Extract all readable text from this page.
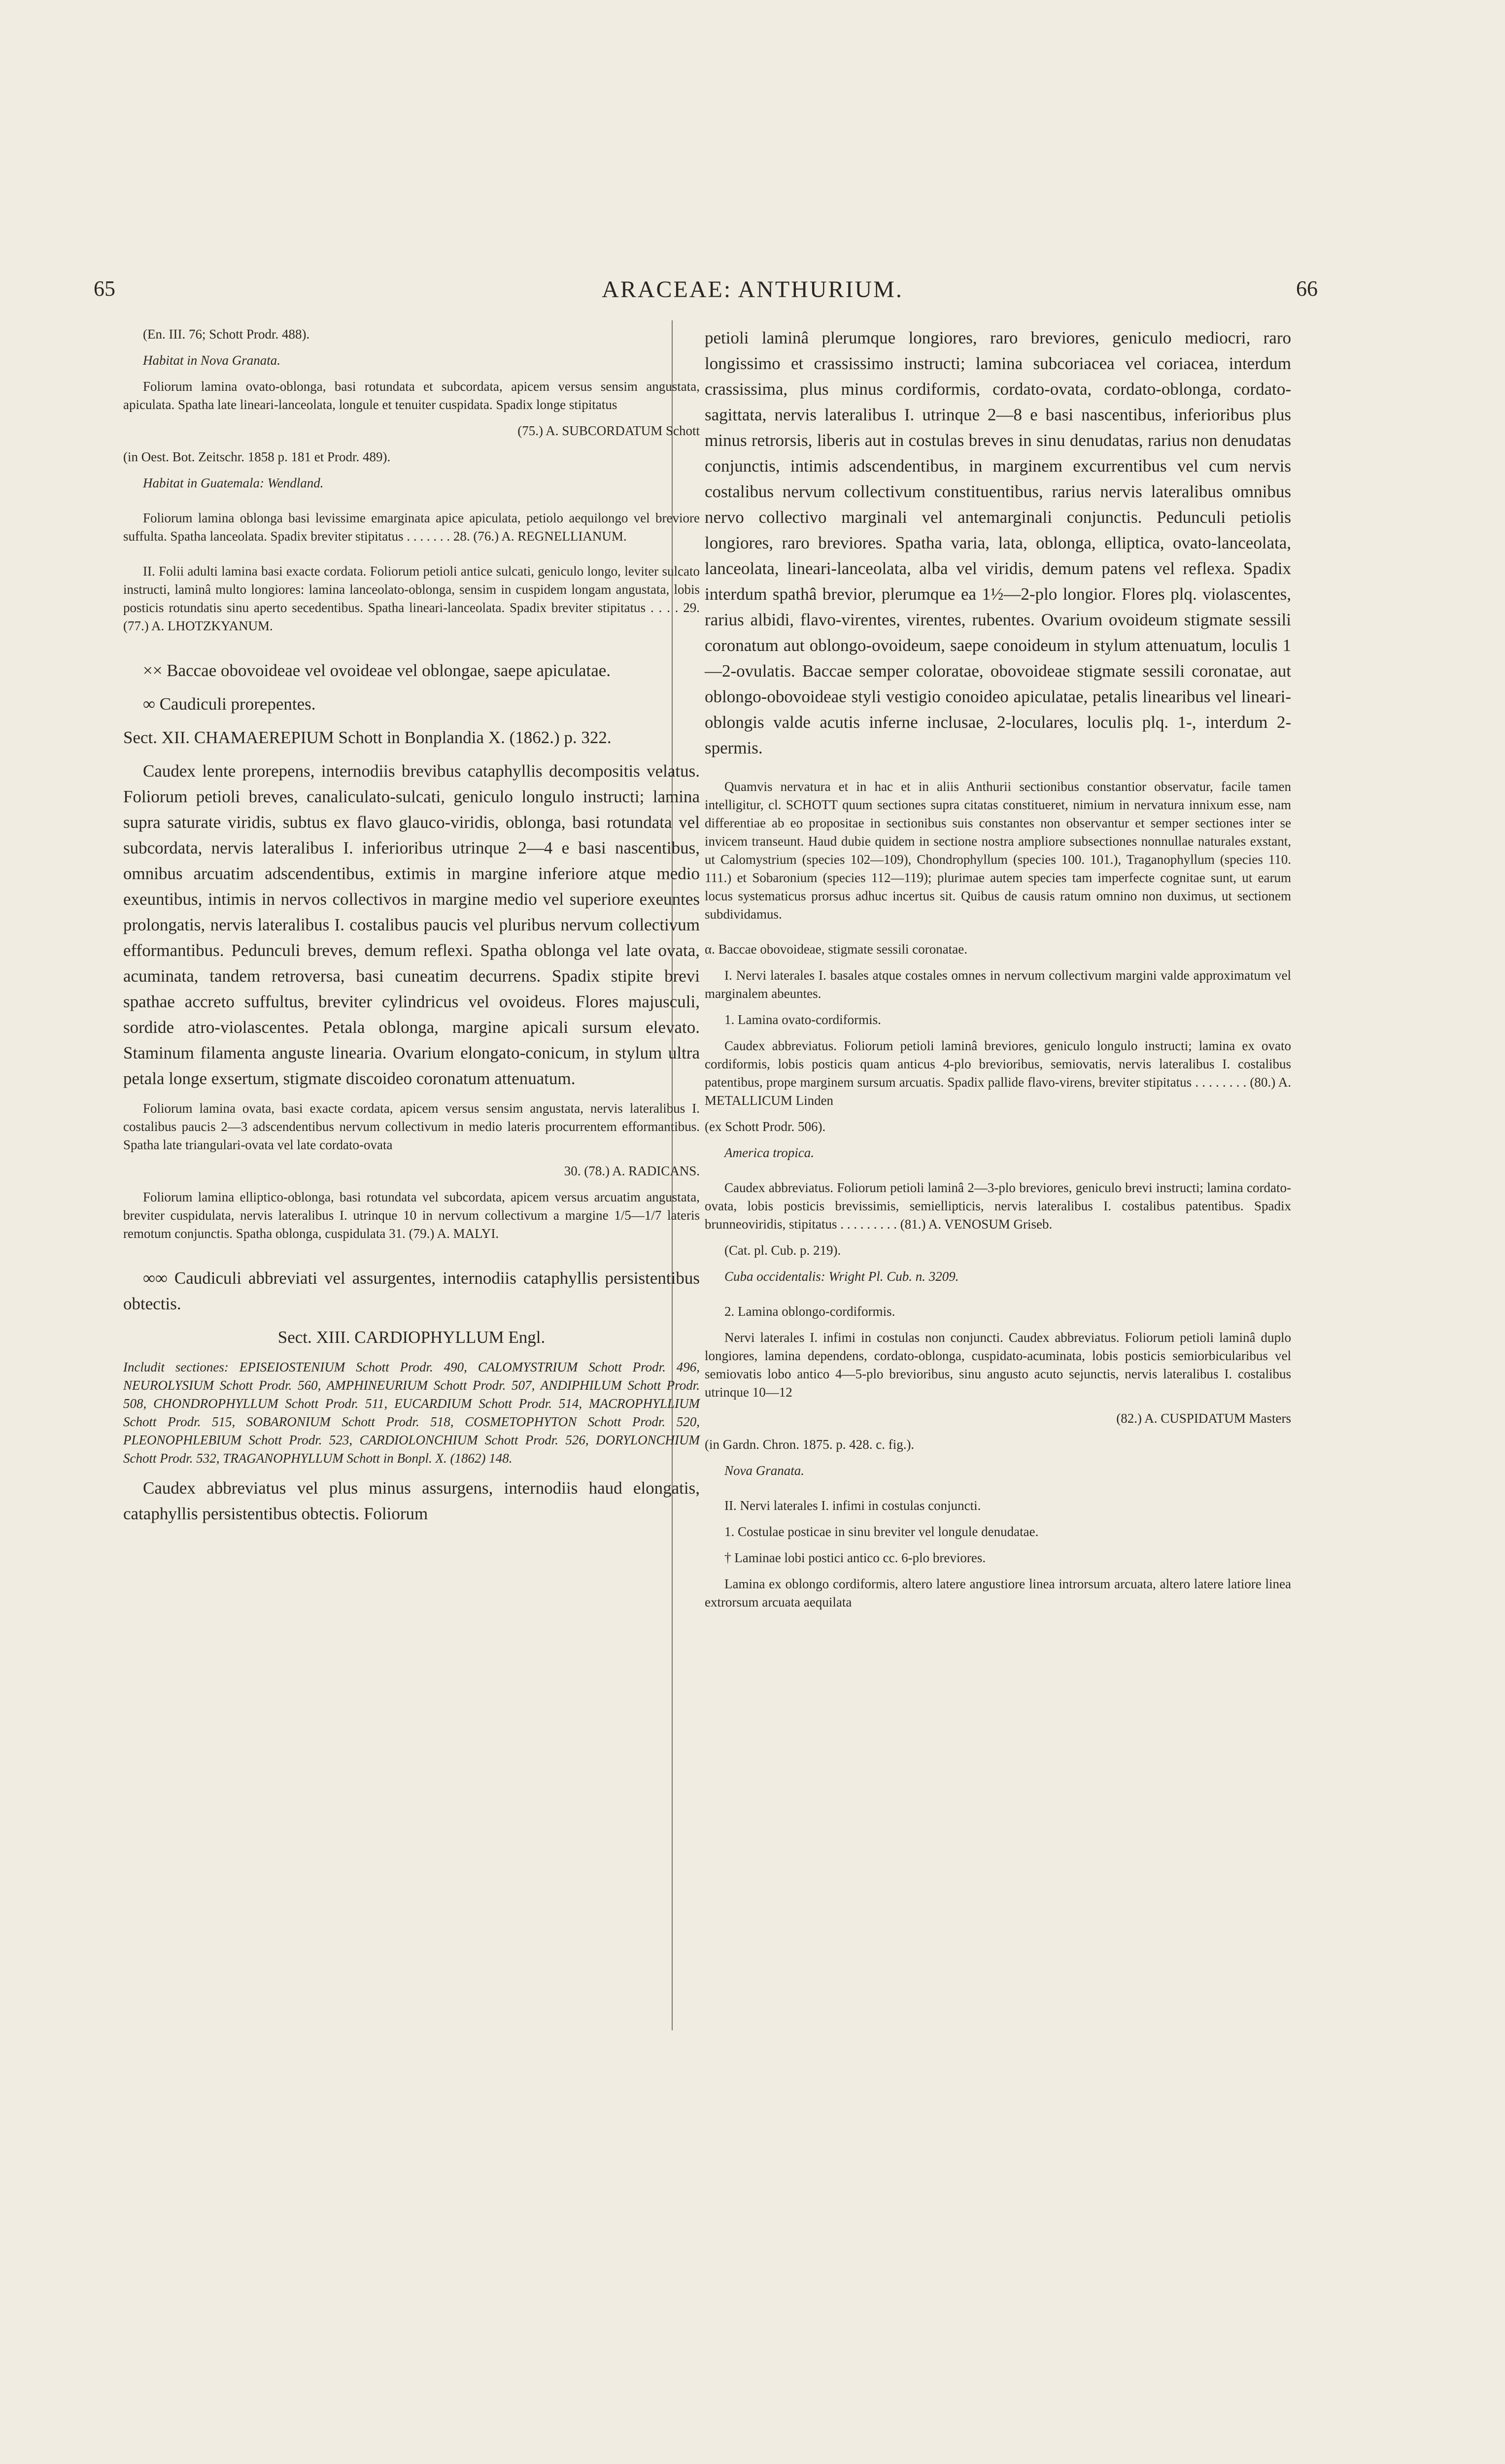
65	ARACEAE: ANTHURIUM.	66

(En. III. 76; Schott Prodr. 488).

Habitat in Nova Granata.

Foliorum lamina ovato-oblonga, basi rotundata et subcordata, apicem versus sensim angustata, apiculata. Spatha late lineari-lanceolata, longule et tenuiter cuspidata. Spadix longe stipitatus

(75.) A. SUBCORDATUM Schott

(in Oest. Bot. Zeitschr. 1858 p. 181 et Prodr. 489).

Habitat in Guatemala: Wendland.

Foliorum lamina oblonga basi levissime emarginata apice apiculata, petiolo aequilongo vel breviore suffulta. Spatha lanceolata. Spadix breviter stipitatus . . . . . . . 28. (76.) A. REGNELLIANUM.

II. Folii adulti lamina basi exacte cordata. Foliorum petioli antice sulcati, geniculo longo, leviter sulcato instructi, laminâ multo longiores: lamina lanceolato-oblonga, sensim in cuspidem longam angustata, lobis posticis rotundatis sinu aperto secedentibus. Spatha lineari-lanceolata. Spadix breviter stipitatus . . . . 29. (77.) A. LHOTZKYANUM.

×× Baccae obovoideae vel ovoideae vel oblongae, saepe apiculatae.

∞ Caudiculi prorepentes.

Sect. XII. CHAMAEREPIUM Schott in Bonplandia X. (1862.) p. 322.

Caudex lente prorepens, internodiis brevibus cataphyllis decompositis velatus. Foliorum petioli breves, canaliculato-sulcati, geniculo longulo instructi; lamina supra saturate viridis, subtus ex flavo glauco-viridis, oblonga, basi rotundata vel subcordata, nervis lateralibus I. inferioribus utrinque 2—4 e basi nascentibus, omnibus arcuatim adscendentibus, extimis in margine inferiore atque medio exeuntibus, intimis in nervos collectivos in margine medio vel superiore exeuntes prolongatis, nervis lateralibus I. costalibus paucis vel pluribus nervum collectivum efformantibus. Pedunculi breves, demum reflexi. Spatha oblonga vel late ovata, acuminata, tandem retroversa, basi cuneatim decurrens. Spadix stipite brevi spathae accreto suffultus, breviter cylindricus vel ovoideus. Flores majusculi, sordide atro-violascentes. Petala oblonga, margine apicali sursum elevato. Staminum filamenta anguste linearia. Ovarium elongato-conicum, in stylum ultra petala longe exsertum, stigmate discoideo coronatum attenuatum.

Foliorum lamina ovata, basi exacte cordata, apicem versus sensim angustata, nervis lateralibus I. costalibus paucis 2—3 adscendentibus nervum collectivum in medio lateris procurrentem efformantibus. Spatha late triangulari-ovata vel late cordato-ovata

30. (78.) A. RADICANS.

Foliorum lamina elliptico-oblonga, basi rotundata vel subcordata, apicem versus arcuatim angustata, breviter cuspidulata, nervis lateralibus I. utrinque 10 in nervum collectivum a margine 1/5—1/7 lateris remotum conjunctis. Spatha oblonga, cuspidulata 31. (79.) A. MALYI.

∞∞ Caudiculi abbreviati vel assurgentes, internodiis cataphyllis persistentibus obtectis.

Sect. XIII. CARDIOPHYLLUM Engl.

Includit sectiones: EPISEIOSTENIUM Schott Prodr. 490, CALOMYSTRIUM Schott Prodr. 496, NEUROLYSIUM Schott Prodr. 560, AMPHINEURIUM Schott Prodr. 507, ANDIPHILUM Schott Prodr. 508, CHONDROPHYLLUM Schott Prodr. 511, EUCARDIUM Schott Prodr. 514, MACROPHYLLIUM Schott Prodr. 515, SOBARONIUM Schott Prodr. 518, COSMETOPHYTON Schott Prodr. 520, PLEONOPHLEBIUM Schott Prodr. 523, CARDIOLONCHIUM Schott Prodr. 526, DORYLONCHIUM Schott Prodr. 532, TRAGANOPHYLLUM Schott in Bonpl. X. (1862) 148.

Caudex abbreviatus vel plus minus assurgens, internodiis haud elongatis, cataphyllis persistentibus obtectis. Foliorum

petioli laminâ plerumque longiores, raro breviores, geniculo mediocri, raro longissimo et crassissimo instructi; lamina subcoriacea vel coriacea, interdum crassissima, plus minus cordiformis, cordato-ovata, cordato-oblonga, cordato-sagittata, nervis lateralibus I. utrinque 2—8 e basi nascentibus, inferioribus plus minus retrorsis, liberis aut in costulas breves in sinu denudatas, rarius non denudatas conjunctis, intimis adscendentibus, in marginem excurrentibus vel cum nervis costalibus nervum collectivum constituentibus, rarius nervis lateralibus omnibus nervo collectivo marginali vel antemarginali conjunctis. Pedunculi petiolis longiores, raro breviores. Spatha varia, lata, oblonga, elliptica, ovato-lanceolata, lanceolata, lineari-lanceolata, alba vel viridis, demum patens vel reflexa. Spadix interdum spathâ brevior, plerumque ea 1½—2-plo longior. Flores plq. violascentes, rarius albidi, flavo-virentes, virentes, rubentes. Ovarium ovoideum stigmate sessili coronatum aut oblongo-ovoideum, saepe conoideum in stylum attenuatum, loculis 1—2-ovulatis. Baccae semper coloratae, obovoideae stigmate sessili coronatae, aut oblongo-obovoideae styli vestigio conoideo apiculatae, petalis linearibus vel lineari-oblongis valde acutis inferne inclusae, 2-loculares, loculis plq. 1-, interdum 2-spermis.

Quamvis nervatura et in hac et in aliis Anthurii sectionibus constantior observatur, facile tamen intelligitur, cl. SCHOTT quum sectiones supra citatas constitueret, nimium in nervatura innixum esse, nam differentiae ab eo propositae in sectionibus suis constantes non observantur et semper sectiones inter se invicem transeunt. Haud dubie quidem in sectione nostra ampliore subsectiones nonnullae naturales exstant, ut Calomystrium (species 102—109), Chondrophyllum (species 100. 101.), Traganophyllum (species 110. 111.) et Sobaronium (species 112—119); plurimae autem species tam imperfecte cognitae sunt, ut earum locus systematicus prorsus adhuc incertus sit. Quibus de causis ratum omnino non duximus, ut sectionem subdividamus.

α. Baccae obovoideae, stigmate sessili coronatae.

I. Nervi laterales I. basales atque costales omnes in nervum collectivum margini valde approximatum vel marginalem abeuntes.

1. Lamina ovato-cordiformis.

Caudex abbreviatus. Foliorum petioli laminâ breviores, geniculo longulo instructi; lamina ex ovato cordiformis, lobis posticis quam anticus 4-plo brevioribus, semiovatis, nervis lateralibus I. costalibus patentibus, prope marginem sursum arcuatis. Spadix pallide flavo-virens, breviter stipitatus . . . . . . . . (80.) A. METALLICUM Linden

(ex Schott Prodr. 506).

America tropica.

Caudex abbreviatus. Foliorum petioli laminâ 2—3-plo breviores, geniculo brevi instructi; lamina cordato-ovata, lobis posticis brevissimis, semiellipticis, nervis lateralibus I. costalibus patentibus. Spadix brunneoviridis, stipitatus . . . . . . . . . (81.) A. VENOSUM Griseb.

(Cat. pl. Cub. p. 219).

Cuba occidentalis: Wright Pl. Cub. n. 3209.

2. Lamina oblongo-cordiformis.

Nervi laterales I. infimi in costulas non conjuncti. Caudex abbreviatus. Foliorum petioli laminâ duplo longiores, lamina dependens, cordato-oblonga, cuspidato-acuminata, lobis posticis semiorbicularibus vel semiovatis lobo antico 4—5-plo brevioribus, sinu angusto acuto sejunctis, nervis lateralibus I. costalibus utrinque 10—12

(82.) A. CUSPIDATUM Masters

(in Gardn. Chron. 1875. p. 428. c. fig.).

Nova Granata.

II. Nervi laterales I. infimi in costulas conjuncti.

1. Costulae posticae in sinu breviter vel longule denudatae.

† Laminae lobi postici antico cc. 6-plo breviores.

Lamina ex oblongo cordiformis, altero latere angustiore linea introrsum arcuata, altero latere latiore linea extrorsum arcuata aequilata
